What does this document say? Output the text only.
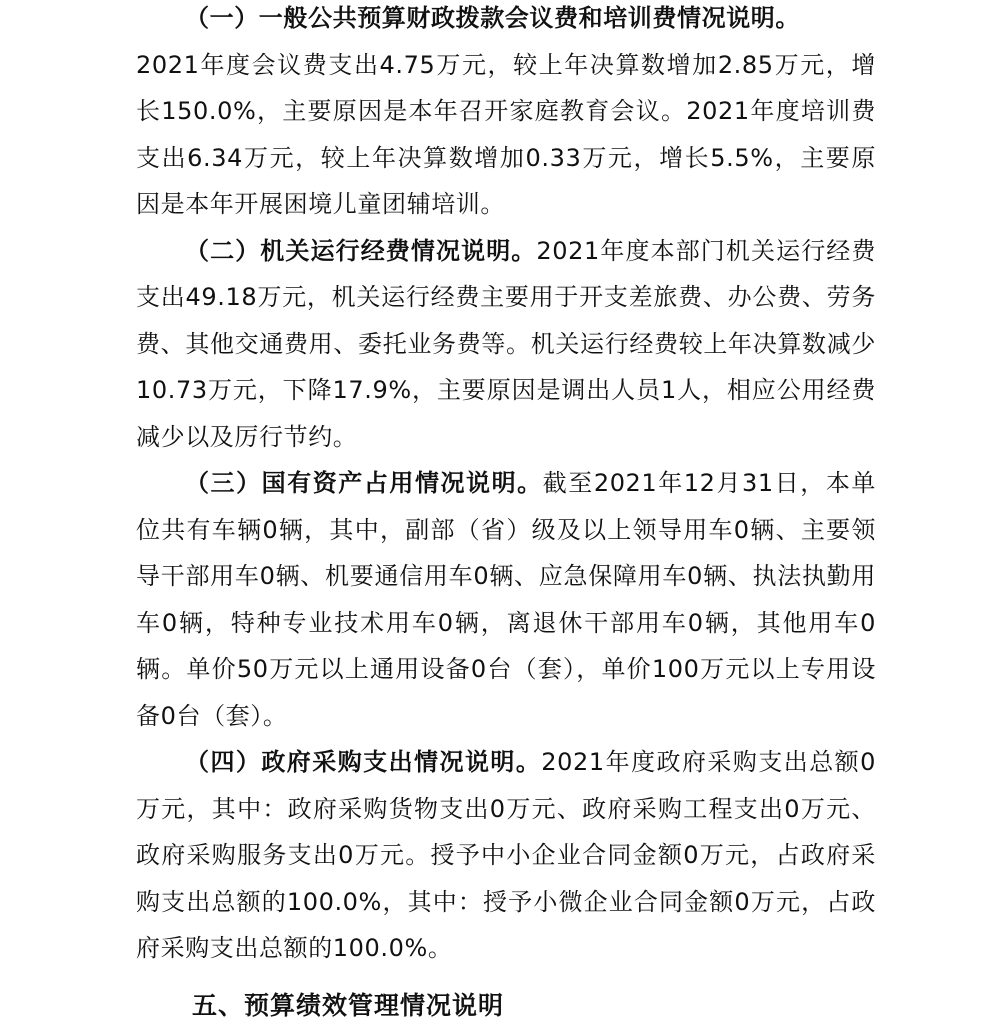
（一）一般公共预算财政拨款会议费和培训费情况说明。
2021年度会议费支出4.75万元，较上年决算数增加2.85万元，增长150.0%，主要原因是本年召开家庭教育会议。2021年度培训费支出6.34万元，较上年决算数增加0.33万元，增长5.5%，主要原因是本年开展困境儿童团辅培训。

（二）机关运行经费情况说明。2021年度本部门机关运行经费支出49.18万元，机关运行经费主要用于开支差旅费、办公费、劳务费、其他交通费用、委托业务费等。机关运行经费较上年决算数减少10.73万元，下降17.9%，主要原因是调出人员1人，相应公用经费减少以及厉行节约。

（三）国有资产占用情况说明。截至2021年12月31日，本单位共有车辆0辆，其中，副部（省）级及以上领导用车0辆、主要领导干部用车0辆、机要通信用车0辆、应急保障用车0辆、执法执勤用车0辆，特种专业技术用车0辆，离退休干部用车0辆，其他用车0辆。单价50万元以上通用设备0台（套），单价100万元以上专用设备0台（套）。

（四）政府采购支出情况说明。2021年度政府采购支出总额0万元，其中：政府采购货物支出0万元、政府采购工程支出0万元、政府采购服务支出0万元。授予中小企业合同金额0万元，占政府采购支出总额的100.0%，其中：授予小微企业合同金额0万元，占政府采购支出总额的100.0%。

五、预算绩效管理情况说明
